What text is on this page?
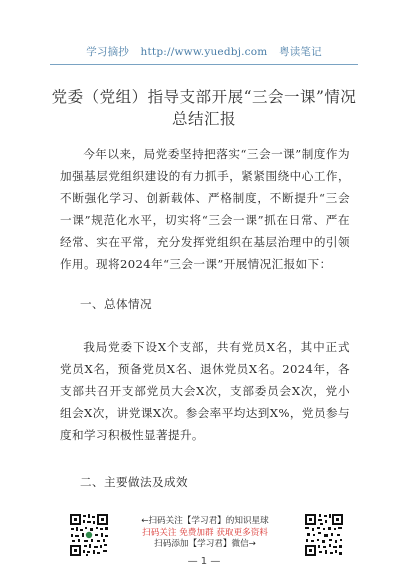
学习摘抄 http://www.yuedbj.com 粤读笔记
党委（党组）指导支部开展“三会一课”情况
总结汇报
今年以来，局党委坚持把落实“三会一课”制度作为加强基层党组织建设的有力抓手，紧紧围绕中心工作，不断强化学习、创新载体、严格制度，不断提升“三会一课”规范化水平，切实将“三会一课”抓在日常、严在经常、实在平常，充分发挥党组织在基层治理中的引领作用。现将2024年“三会一课”开展情况汇报如下：
一、总体情况
我局党委下设X个支部，共有党员X名，其中正式党员X名，预备党员X名、退休党员X名。2024年，各支部共召开支部党员大会X次，支部委员会X次，党小组会X次，讲党课X次。参会率平均达到X%，党员参与度和学习积极性显著提升。
二、主要做法及成效
←扫码关注【学习君】的知识星球
扫码关注 免费加群 获取更多资料
扫码添加【学习君】微信→
— 1 —
